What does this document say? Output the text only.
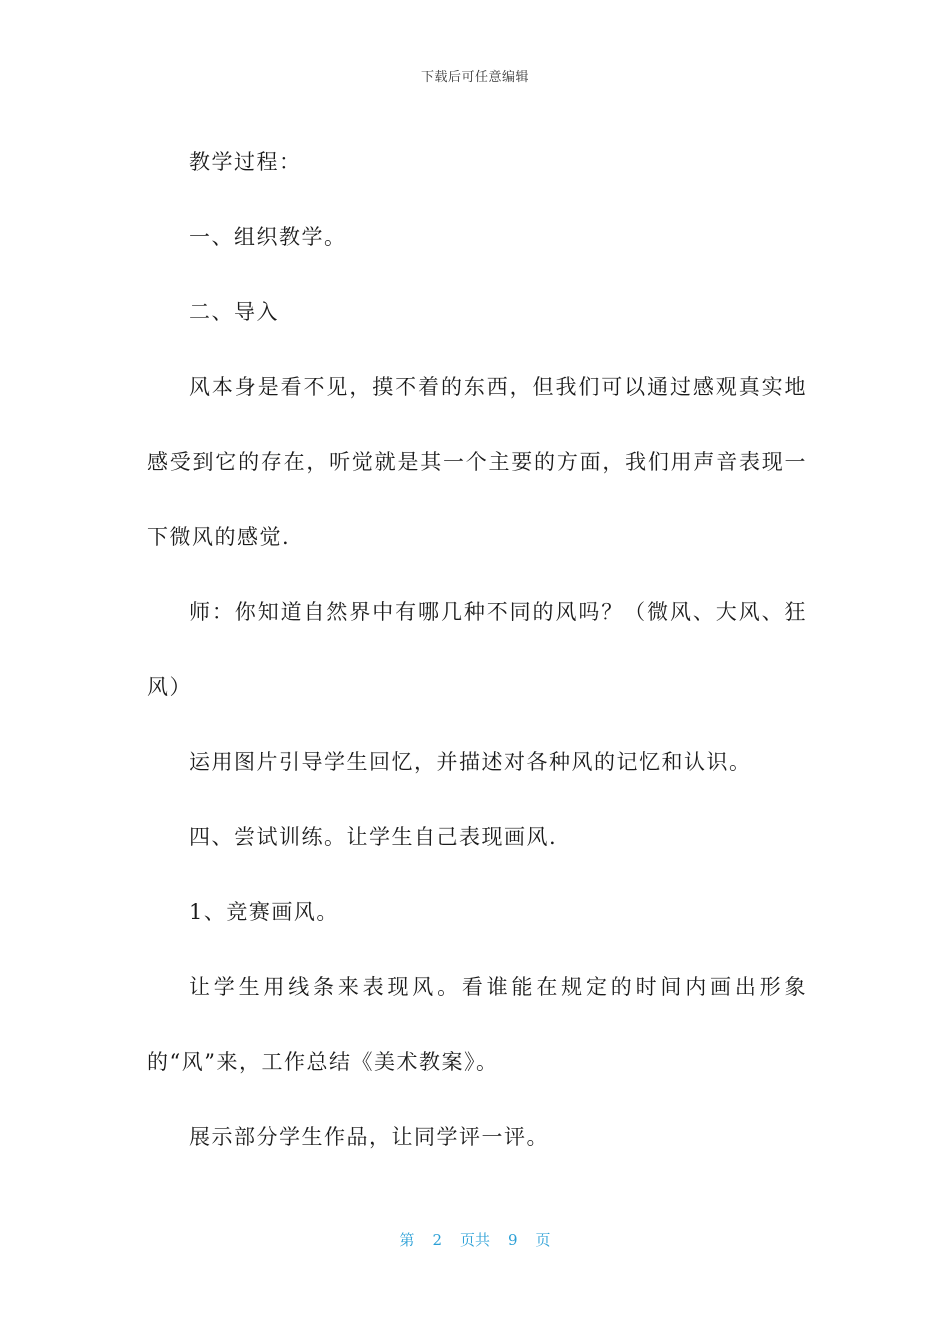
下载后可任意编辑

教学过程：

一、组织教学。

二、导入

风本身是看不见，摸不着的东西，但我们可以通过感观真实地感受到它的存在，听觉就是其一个主要的方面，我们用声音表现一下微风的感觉.

师：你知道自然界中有哪几种不同的风吗？（微风、大风、狂风）

运用图片引导学生回忆，并描述对各种风的记忆和认识。

四、尝试训练。让学生自己表现画风.

1、竞赛画风。

让学生用线条来表现风。看谁能在规定的时间内画出形象的“风”来，工作总结《美术教案》。

展示部分学生作品，让同学评一评。

第 2 页共 9 页
